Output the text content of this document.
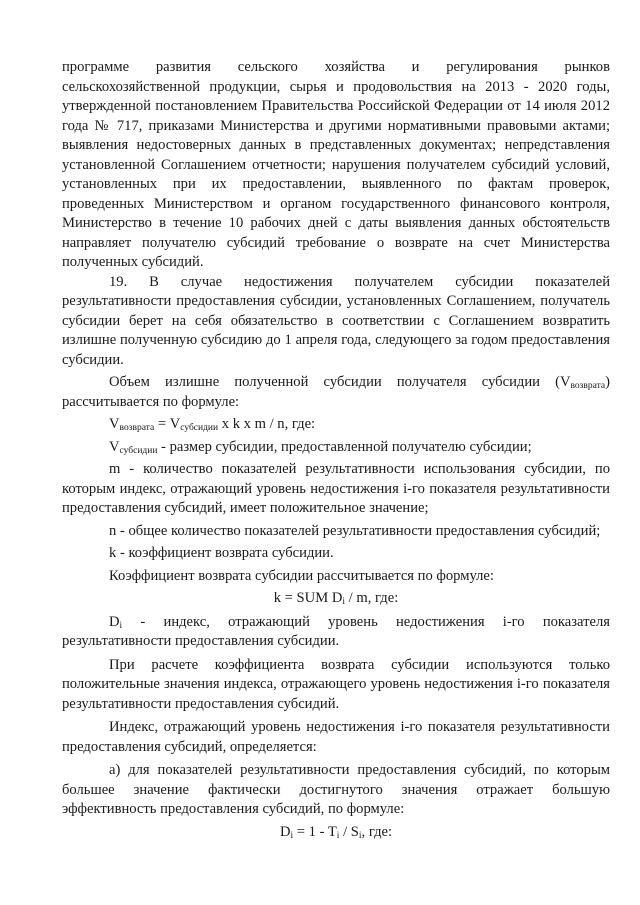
программе развития сельского хозяйства и регулирования рынков сельскохозяйственной продукции, сырья и продовольствия на 2013 - 2020 годы, утвержденной постановлением Правительства Российской Федерации от 14 июля 2012 года № 717, приказами Министерства и другими нормативными правовыми актами; выявления недостоверных данных в представленных документах; непредставления установленной Соглашением отчетности; нарушения получателем субсидий условий, установленных при их предоставлении, выявленного по фактам проверок, проведенных Министерством и органом государственного финансового контроля, Министерство в течение 10 рабочих дней с даты выявления данных обстоятельств направляет получателю субсидий требование о возврате на счет Министерства полученных субсидий.

19. В случае недостижения получателем субсидии показателей результативности предоставления субсидии, установленных Соглашением, получатель субсидии берет на себя обязательство в соответствии с Соглашением возвратить излишне полученную субсидию до 1 апреля года, следующего за годом предоставления субсидии.

Объем излишне полученной субсидии получателя субсидии $(V_{возврата})$ рассчитывается по формуле:

$V_{возврата} = V_{субсидии}$ x k x m / n, где:

$V_{субсидии}$ - размер субсидии, предоставленной получателю субсидии;

m - количество показателей результативности использования субсидии, по которым индекс, отражающий уровень недостижения i-го показателя результативности предоставления субсидий, имеет положительное значение;

n - общее количество показателей результативности предоставления субсидий;

k - коэффициент возврата субсидии.

Коэффициент возврата субсидии рассчитывается по формуле:

k = SUM $D_i$ / m, где:

$D_i$ - индекс, отражающий уровень недостижения i-го показателя результативности предоставления субсидии.

При расчете коэффициента возврата субсидии используются только положительные значения индекса, отражающего уровень недостижения i-го показателя результативности предоставления субсидий.

Индекс, отражающий уровень недостижения i-го показателя результативности предоставления субсидий, определяется:

а) для показателей результативности предоставления субсидий, по которым большее значение фактически достигнутого значения отражает большую эффективность предоставления субсидий, по формуле:

$D_i = 1 - T_i / S_i$, где:
